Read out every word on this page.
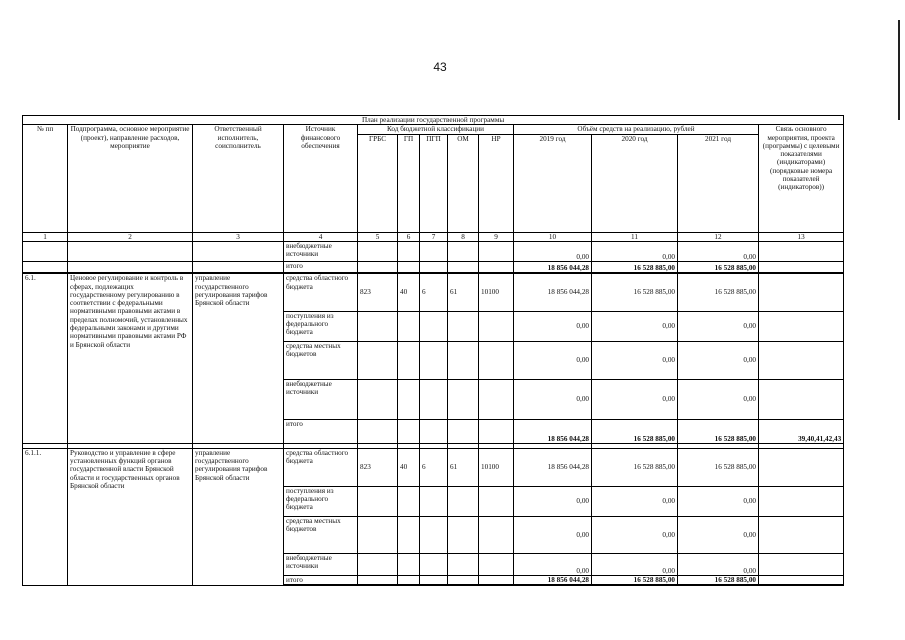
43
План реализации государственной программы												
№ пп	Подпрограмма, основное мероприятие (проект), направление расходов, мероприятие	Ответственный исполнитель, соисполнитель	Источник финансового обеспечения	Код бюджетной классификации					Объём средств на реализацию, рублей			Связь основного мероприятия, проекта (программы) с целевыми показателями (индикаторами) (порядковые номера показателей (индикаторов))
				ГРБС	ГП	ПГП	ОМ	НР	2019 год	2020 год	2021 год	
1	2	3	4	5	6	7	8	9	10	11	12	13
			внебюджетные источники						0,00	0,00	0,00	
			итого						18 856 044,28	16 528 885,00	16 528 885,00	
6.1.	Ценовое регулирование и контроль в сферах, подлежащих государственному регулированию в соответствии с федеральными нормативными правовыми актами в пределах полномочий, установленных федеральными законами и другими нормативными правовыми актами РФ и Брянской области	управление государственного регулирования тарифов Брянской области	средства областного бюджета	823	40	6	61	10100	18 856 044,28	16 528 885,00	16 528 885,00	
			поступления из федерального бюджета						0,00	0,00	0,00	
			средства местных бюджетов						0,00	0,00	0,00	
			внебюджетные источники						0,00	0,00	0,00	
			итого						18 856 044,28	16 528 885,00	16 528 885,00	39,40,41,42,43

6.1.1.	Руководство и управление в сфере установленных функций органов государственной власти Брянской области и государственных органов Брянской области	управление государственного регулирования тарифов Брянской области	средства областного бюджета	823	40	6	61	10100	18 856 044,28	16 528 885,00	16 528 885,00	
			поступления из федерального бюджета						0,00	0,00	0,00	
			средства местных бюджетов						0,00	0,00	0,00	
			внебюджетные источники						0,00	0,00	0,00	
			итого						18 856 044,28	16 528 885,00	16 528 885,00	
